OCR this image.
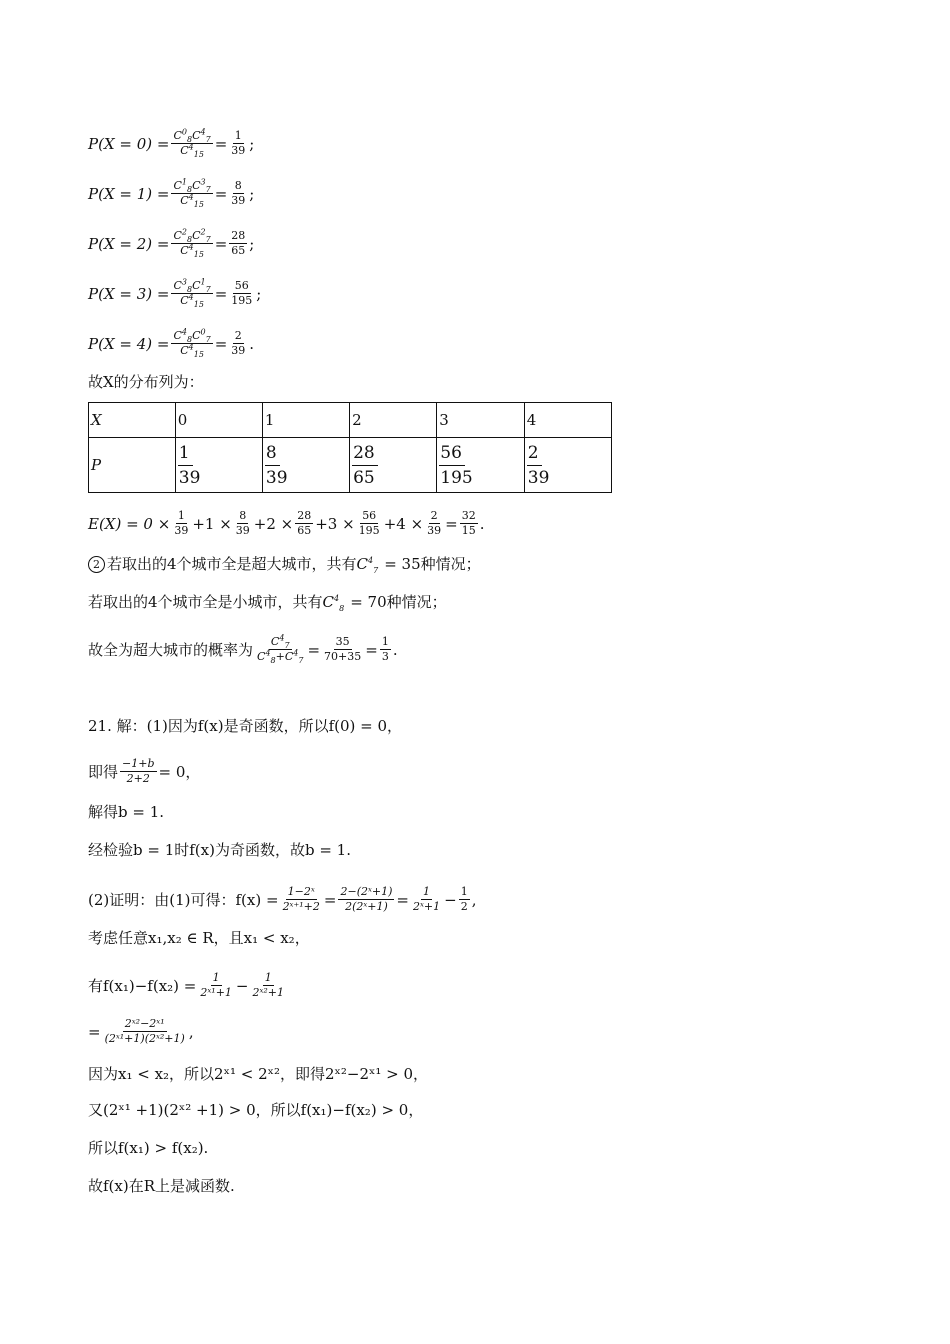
$P(X = 0) = \frac{C^0_8C^4_7}{C^4_{15}} = \frac{1}{39}$ ;
$P(X = 1) = \frac{C^1_8C^3_7}{C^4_{15}} = \frac{8}{39}$ ;
$P(X = 2) = \frac{C^2_8C^2_7}{C^4_{15}} = \frac{28}{65}$ ;
$P(X = 3) = \frac{C^3_8C^1_7}{C^4_{15}} = \frac{56}{195}$ ;
$P(X = 4) = \frac{C^4_8C^0_7}{C^4_{15}} = \frac{2}{39}$ .
故X的分布列为：
X	0	1	2	3	4
P	$\frac{1}{39}$	$\frac{8}{39}$	$\frac{28}{65}$	$\frac{56}{195}$	$\frac{2}{39}$
$E(X) = 0 \times \frac{1}{39} +1 \times \frac{8}{39} +2 \times \frac{28}{65} +3 \times \frac{56}{195} +4 \times \frac{2}{39} = \frac{32}{15}$ .
2 若取出的4个城市全是超大城市，共有 $C^4_7 = 35$种情况；
若取出的4个城市全是小城市，共有 $C^4_8 = 70$种情况；
故全为超大城市的概率为 $\frac{C^4_7}{C^4_8+C^4_7} = \frac{35}{70+35} = \frac{1}{3}$ .
21. 解：(1)因为f(x)是奇函数，所以f(0) = 0，
即得 $\frac{-1+b}{2+2} = 0$，
解得b = 1.
经检验b = 1时f(x)为奇函数，故b = 1.
(2)证明：由(1)可得：$f(x) = \frac{\text{1−2ˣ}}{\text{2ˣ⁺¹+2}} = \frac{\text{2−(2ˣ+1)}}{\text{2(2ˣ+1)}} = \frac{1}{\text{2ˣ+1}} - \frac{1}{2}$ ,
考虑任意x₁,x₂ ∈ R，且x₁ < x₂，
有$f(x_1)-f(x_2) = \frac{1}{\text{2ˣ¹+1}} - \frac{1}{\text{2ˣ²+1}}$
= $\frac{\text{2ˣ²−2ˣ¹}}{\text{(2ˣ¹+1)(2ˣ²+1)}}$ ,
因为x₁ < x₂，所以2ˣ¹ < 2ˣ²，即得2ˣ²−2ˣ¹ > 0，
又(2ˣ¹ +1)(2ˣ² +1) > 0，所以f(x₁)−f(x₂) > 0，
所以f(x₁) > f(x₂).
故f(x)在R上是减函数.
